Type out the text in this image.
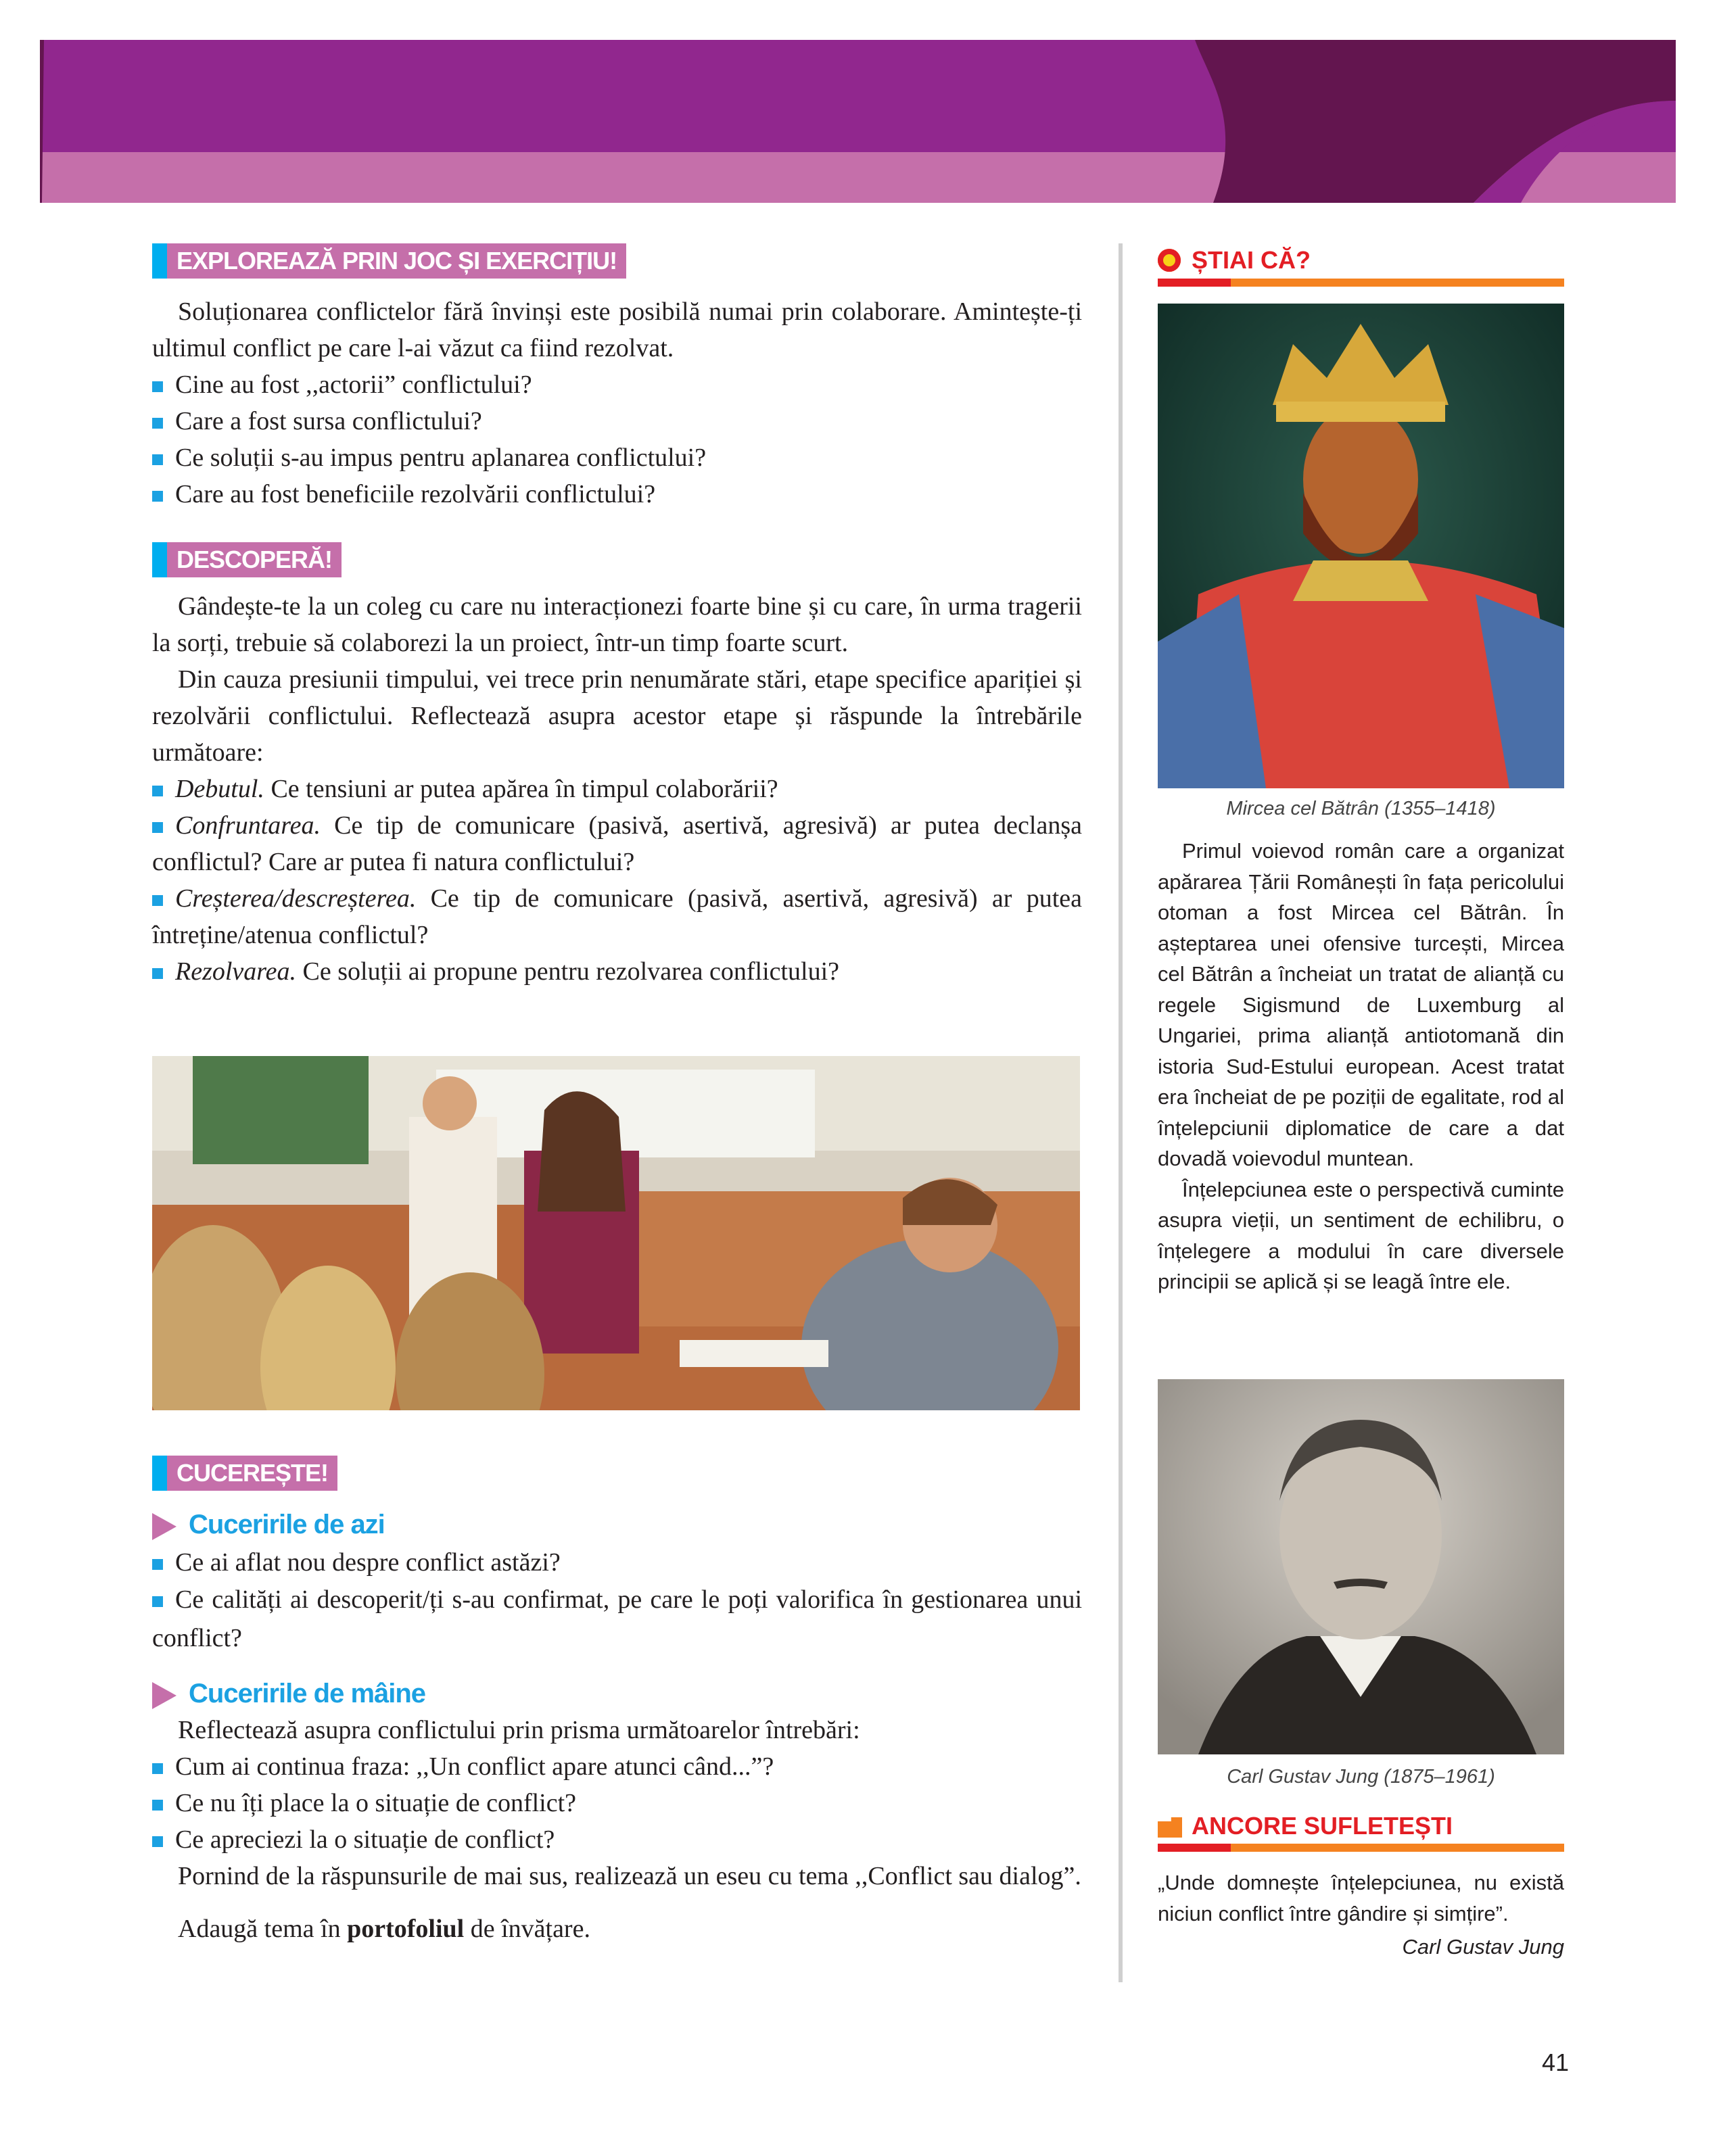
EXPLOREAZĂ PRIN JOC ȘI EXERCIȚIU!

Soluționarea conflictelor fără învinși este posibilă numai prin colaborare. Amintește-ți ultimul conflict pe care l-ai văzut ca fiind rezolvat.

Cine au fost ,,actorii” conflictului?
Care a fost sursa conflictului?
Ce soluții s-au impus pentru aplanarea conflictului?
Care au fost beneficiile rezolvării conflictului?
DESCOPERĂ!

Gândește-te la un coleg cu care nu interacționezi foarte bine și cu care, în urma tragerii la sorți, trebuie să colaborezi la un proiect, într-un timp foarte scurt.

Din cauza presiunii timpului, vei trece prin nenumărate stări, etape specifice apariției și rezolvării conflictului. Reflectează asupra acestor etape și răspunde la întrebările următoare:

Debutul. Ce tensiuni ar putea apărea în timpul colaborării?

Confruntarea. Ce tip de comunicare (pasivă, asertivă, agresivă) ar putea declanșa conflictul? Care ar putea fi natura conflictului?

Creșterea/descreșterea. Ce tip de comunicare (pasivă, asertivă, agresivă) ar putea întreține/atenua conflictul?

Rezolvarea. Ce soluții ai propune pentru rezolvarea conflictului?

CUCEREȘTE!
Cuceririle de azi

Ce ai aflat nou despre conflict astăzi?

Ce calități ai descoperit/ți s-au confirmat, pe care le poți valorifica în gestionarea unui conflict?

Cuceririle de mâine

Reflectează asupra conflictului prin prisma următoarelor întrebări:

Cum ai continua fraza: ,,Un conflict apare atunci când...”?

Ce nu îți place la o situație de conflict?

Ce apreciezi la o situație de conflict?

Pornind de la răspunsurile de mai sus, realizează un eseu cu tema ,,Conflict sau dialog”.

Adaugă tema în portofoliul de învățare.

ȘTIAI CĂ?
Mircea cel Bătrân (1355–1418)

Primul voievod român care a organizat apărarea Țării Românești în fața pericolului otoman a fost Mircea cel Bătrân. În așteptarea unei ofensive turcești, Mircea cel Bătrân a încheiat un tratat de alianță cu regele Sigismund de Luxemburg al Ungariei, prima alianță antiotomană din istoria Sud-Estului european. Acest tratat era încheiat de pe poziții de egalitate, rod al înțelepciunii diplomatice de care a dat dovadă voievodul muntean.

Înțelepciunea este o perspectivă cuminte asupra vieții, un sentiment de echilibru, o înțelegere a modului în care diversele principii se aplică și se leagă între ele.

Carl Gustav Jung (1875–1961)
ANCORE SUFLETEȘTI

„Unde domnește înțelepciunea, nu există niciun conflict între gândire și simțire”.

Carl Gustav Jung

41
